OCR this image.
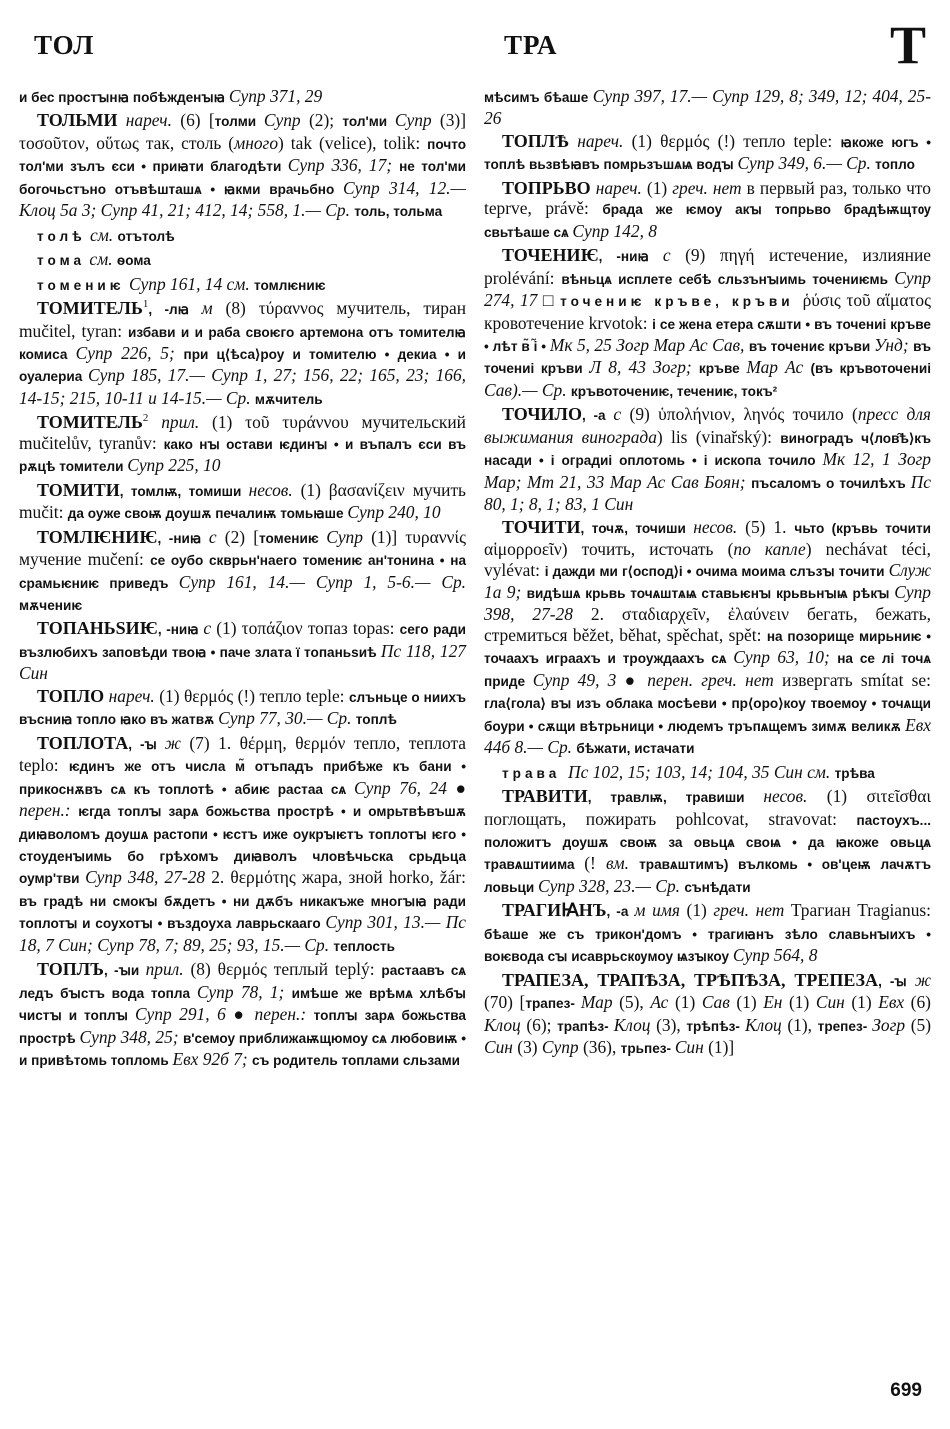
ТОЛ	ТРА	Т

и бес простꙑнꙗ побѣжденꙑꙗ Супр 371, 29

ТОЛЬМИ нареч. (6) [толми Супр (2); тол'ми Супр (3)] τοσοῦτον, οὕτως так, столь (много) tak (velice), tolik: почто тол'ми зълъ єси • приꙗти благодѣти Супр 336, 17; не тол'ми богочьстъно отъвѣшташѧ • ꙗкми врачьбно Супр 314, 12.— Клоц 5а 3; Супр 41, 21; 412, 14; 558, 1.— Ср. толь, тольма

толѣ см. отътолѣ

тома см. ѳома

томениѥ Супр 161, 14 см. томлѥниѥ

ТОМИТЕЛЬ$^1$, -лꙗ м (8) τύραννος мучитель, тиран mučitel, tyran: избави и и раба своѥго артемона отъ томителꙗ комиса Супр 226, 5; при ц⟨ѣса⟩роу и томителю • декиа • и оуалериа Супр 185, 17.— Супр 1, 27; 156, 22; 165, 23; 166, 14-15; 215, 10-11 и 14-15.— Ср. мѫчитель

ТОМИТЕЛЬ$^2$ прил. (1) τοῦ τυράννου мучительский mučitelův, tyranův: како нꙑ остави ѥдинꙑ • и въпалъ єси въ рѫцѣ томители Супр 225, 10

ТОМИТИ, томлѭ, томиши несов. (1) βασανίζειν мучить mučit: да оуже своѭ доушѫ печалиѭ томьꙗше Супр 240, 10

ТОМЛѤНИѤ, -ниꙗ с (2) [томениѥ Супр (1)] τυραννίς мучение mučení: се оубо скврьн'наего томениѥ ан'тонина • на срамьѥниѥ приведъ Супр 161, 14.— Супр 1, 5-6.— Ср. мѫчениѥ

ТОПАНЬЅИѤ, -ниꙗ с (1) τοπάζιον топаз topas: сего ради възлюбихъ заповѣди твоꙗ • паче злата ї топаньѕиѣ Пс 118, 127 Син

ТОПЛО нареч. (1) θερμός (!) тепло teple: слъньце о ниихъ въсниꙗ топло ꙗко въ жатвѫ Супр 77, 30.— Ср. топлѣ

ТОПЛОТА, -ꙑ ж (7) 1. θέρμη, θερμόν тепло, теплота teplo: ѥдинъ же отъ числа м̃ отъпадъ прибѣже къ бани • прикоснѫвъ сѧ къ топлотѣ • абиѥ растаа сѧ Супр 76, 24 ● перен.: ѥгда топлꙑ зарѧ божьства прострѣ • и омрьтвѣвъшѫ диꙗволомъ доушѧ растопи • ѥстъ иже оукрꙑѥтъ топлотꙑ ѥго • стоуденꙑимь бо грѣхомъ диꙗволъ чловѣчьска срьдьца оумр'тви Супр 348, 27-28 2. θερμότης жара, зной horko, žár: въ градѣ ни смокꙑ бѫдетъ • ни дѫбъ никакъже многꙑꙗ ради топлотꙑ и соухотꙑ • въздоуха лаврьскааго Супр 301, 13.— Пс 18, 7 Син; Супр 78, 7; 89, 25; 93, 15.— Ср. теплость

ТОПЛЪ, -ꙑи прил. (8) θερμός теплый teplý: растаавъ сѧ ледъ бꙑстъ вода топла Супр 78, 1; имѣше же врѣмѧ хлѣбꙑ чистꙑ и топлꙑ Супр 291, 6 ● перен.: топлꙑ зарѧ божьства прострѣ Супр 348, 25; в'семоу приближаѭщюмоу сѧ любовиѭ • и привѣтомь топломь Евх 92б 7; съ родитель топлами сльзами

мѣсимъ бѣаше Супр 397, 17.— Супр 129, 8; 349, 12; 404, 25-26

ТОПЛѢ нареч. (1) θερμός (!) тепло teple: ꙗкоже югъ • топлѣ вьзвѣꙗвъ помрьзъшѧѩ водꙑ Супр 349, 6.— Ср. топло

ТОПРЬВО нареч. (1) греч. нет в первый раз, только что teprve, právě: брада же ѥмоу акꙑ топрьво брадѣѭщтѹ свьтѣаше сѧ Супр 142, 8

ТОЧЕНИѤ, -ниꙗ с (9) πηγή истечение, излияние prolévání: вѣньцѧ исплете себѣ сльзънꙑимь точениѥмь Супр 274, 17 □ точениѥ кръве, кръви ῥύσις τοῦ αἵματος кровотечение krvotok: і се жена етера сѫшти • въ точениі кръве • лѣт в̃ і̃ • Мк 5, 25 Зогр Мар Ас Сав, въ точениє кръви Унд; въ точениі кръви Л 8, 43 Зогр; кръве Мар Ас (въ кръвоточениі Сав).— Ср. кръвоточениѥ, течениѥ, токъ²

ТОЧИЛО, -а с (9) ὑπολήνιον, ληνός точило (пресс для выжимания винограда) lis (vinařský): виноградъ ч⟨лов̑ѣ⟩къ насади • і оградиі оплотомь • і ископа точило Мк 12, 1 Зогр Мар; Мт 21, 33 Мар Ас Сав Боян; пъсаломъ о точилѣхъ Пс 80, 1; 8, 1; 83, 1 Син

ТОЧИТИ, точѫ, точиши несов. (5) 1. чьто (кръвь точити αἱμορροεῖν) точить, источать (по капле) nechávat téci, vylévat: і дажди ми г⟨оспод⟩і • очима моима слъзꙑ точити Служ 1а 9; видѣшѧ крьвь точѧштѧѩ ставьѥнꙑ крьвьнꙑѩ рѣкꙑ Супр 398, 27-28 2. σταδιαρχεῖν, ἐλαύνειν бегать, бежать, стремиться běžet, běhat, spěchat, spět: на позорище мирьниѥ • точаахъ играахъ и троуждаахъ сѧ Супр 63, 10; на се лі точѧ приде Супр 49, 3 ● перен. греч. нет извергать smítat se: гла⟨гола⟩ вꙑ изъ облака мосѣеви • пр⟨оро⟩коу твоемоу • точѧщи боури • сѫщи вѣтрьници • людемъ тръпѧщемъ зимѫ великѫ Евх 44б 8.— Ср. бѣжати, истачати

трава Пс 102, 15; 103, 14; 104, 35 Син см. трѣва

ТРАВИТИ, травлѭ, травиши несов. (1) σιτεῖσθαι поглощать, пожирать pohlcovat, stravovat: пастоухъ... положитъ доушѫ своѭ за овьцѧ своѩ • да ꙗкоже овьцѧ травѧштиима (! вм. травѧштимъ) вълкомь • ов'цеѭ лачѫтъ ловьци Супр 328, 23.— Ср. сънѣдати

ТРАГИꙖНЪ, -а м имя (1) греч. нет Трагиан Tragianus: бѣаше же съ трикон'домъ • трагиꙗнъ зѣло славьнꙑихъ • воѥвода сꙑ исаврьскѹмоу ѩзꙑкоу Супр 564, 8

ТРАПЕЗА, ТРАПѢЗА, ТРѢПѢЗА, ТРЕПЕЗА, -ꙑ ж (70) [трапез- Мар (5), Ас (1) Сав (1) Ен (1) Син (1) Евх (6) Клоц (6); трапѣз- Клоц (3), трѣпѣз- Клоц (1), трепез- Зогр (5) Син (3) Супр (36), трьпез- Син (1)]

699
